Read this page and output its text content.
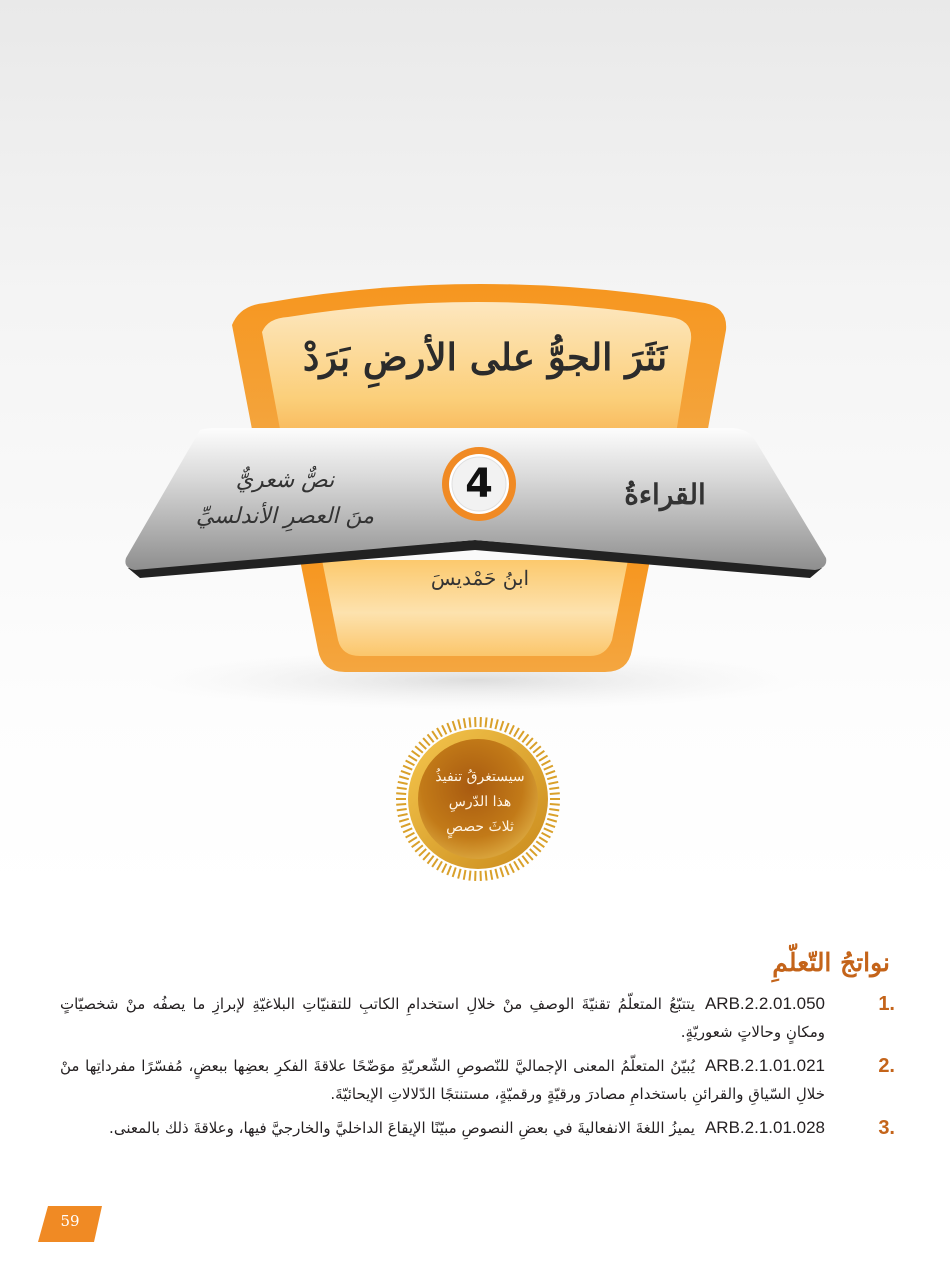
نَثَرَ الجوُّ على الأرضِ بَرَدْ
4	القراءةُ
نصٌّ شعريٌّ
منَ العصرِ الأندلسيِّ
ابنُ حَمْديسَ
سيستغرقُ تنفيذُ
هذا الدّرسِ
ثلاثَ حصصٍ
نواتجُ التّعلّمِ
1.
ARB.2.2.01.050يتتبّعُ المتعلّمُ تقنيّةَ الوصفِ منْ خلالِ استخدامِ الكاتبِ للتقنيّاتِ البلاغيّةِ لإبرازِ ما يصفُه منْ شخصيّاتٍ ومكانٍ وحالاتٍ شعوريّةٍ.
2.
ARB.2.1.01.021يُبيّنُ المتعلّمُ المعنى الإجماليَّ للنّصوصِ الشّعريّةِ موَضّحًا علاقةَ الفكرِ بعضِها ببعضٍ، مُفسّرًا مفرداتِها منْ خلالِ السّياقِ والقرائنِ باستخدامِ مصادرَ ورقيّةٍ ورقميّةٍ، مستنتجًا الدّلالاتِ الإيحائيّةَ.
3.
ARB.2.1.01.028يميزُ اللغةَ الانفعاليةَ في بعضِ النصوصِ مبيّنًا الإيقاعَ الداخليَّ والخارجيَّ فيها، وعلاقةَ ذلك بالمعنى.
59
